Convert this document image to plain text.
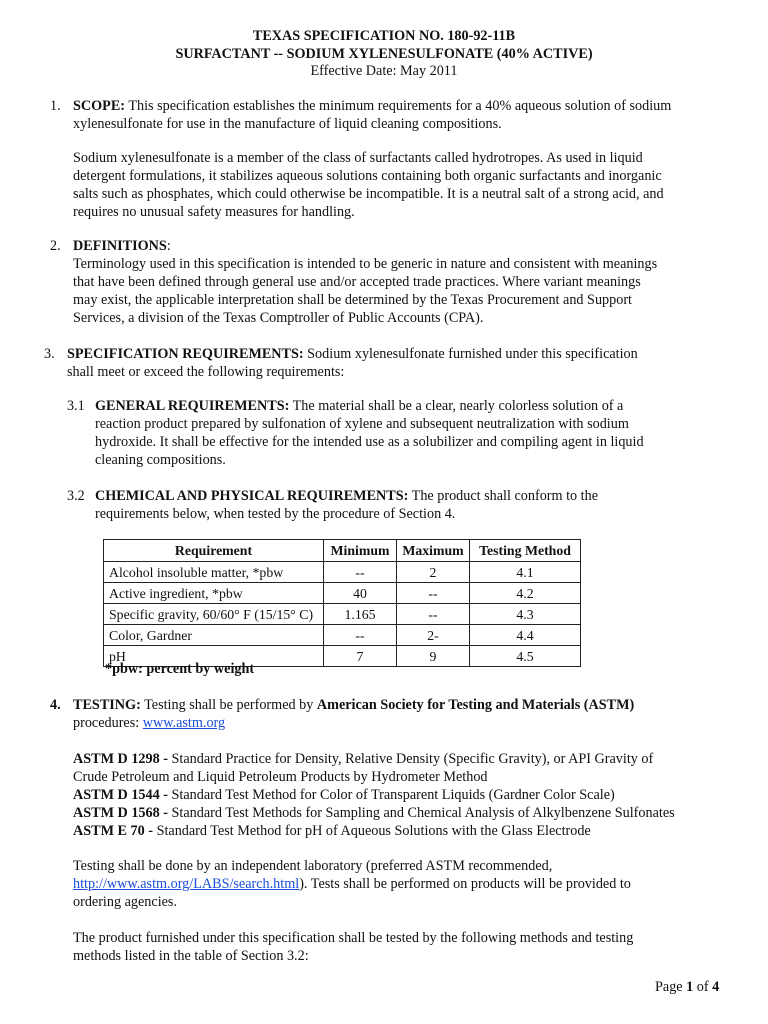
TEXAS SPECIFICATION NO. 180-92-11B
SURFACTANT -- SODIUM XYLENESULFONATE (40% ACTIVE)
Effective Date: May 2011
1. SCOPE: This specification establishes the minimum requirements for a 40% aqueous solution of sodium
xylenesulfonate for use in the manufacture of liquid cleaning compositions.
Sodium xylenesulfonate is a member of the class of surfactants called hydrotropes. As used in liquid
detergent formulations, it stabilizes aqueous solutions containing both organic surfactants and inorganic
salts such as phosphates, which could otherwise be incompatible. It is a neutral salt of a strong acid, and
requires no unusual safety measures for handling.
2. DEFINITIONS:
Terminology used in this specification is intended to be generic in nature and consistent with meanings
that have been defined through general use and/or accepted trade practices. Where variant meanings
may exist, the applicable interpretation shall be determined by the Texas Procurement and Support
Services, a division of the Texas Comptroller of Public Accounts (CPA).
3. SPECIFICATION REQUIREMENTS: Sodium xylenesulfonate furnished under this specification
shall meet or exceed the following requirements:
3.1 GENERAL REQUIREMENTS: The material shall be a clear, nearly colorless solution of a
reaction product prepared by sulfonation of xylene and subsequent neutralization with sodium
hydroxide. It shall be effective for the intended use as a solubilizer and compiling agent in liquid
cleaning compositions.
3.2 CHEMICAL AND PHYSICAL REQUIREMENTS: The product shall conform to the
requirements below, when tested by the procedure of Section 4.
Requirement	Minimum	Maximum	Testing Method
Alcohol insoluble matter, *pbw	--	2	4.1
Active ingredient, *pbw	40	--	4.2
Specific gravity, 60/60° F (15/15° C)	1.165	--	4.3
Color, Gardner	--	2-	4.4
pH	7	9	4.5
*pbw: percent by weight
4. TESTING: Testing shall be performed by American Society for Testing and Materials (ASTM)
procedures: www.astm.org
ASTM D 1298 - Standard Practice for Density, Relative Density (Specific Gravity), or API Gravity of
Crude Petroleum and Liquid Petroleum Products by Hydrometer Method
ASTM D 1544 - Standard Test Method for Color of Transparent Liquids (Gardner Color Scale)
ASTM D 1568 - Standard Test Methods for Sampling and Chemical Analysis of Alkylbenzene Sulfonates
ASTM E 70 - Standard Test Method for pH of Aqueous Solutions with the Glass Electrode
Testing shall be done by an independent laboratory (preferred ASTM recommended,
http://www.astm.org/LABS/search.html). Tests shall be performed on products will be provided to
ordering agencies.
The product furnished under this specification shall be tested by the following methods and testing
methods listed in the table of Section 3.2:
Page 1 of 4
